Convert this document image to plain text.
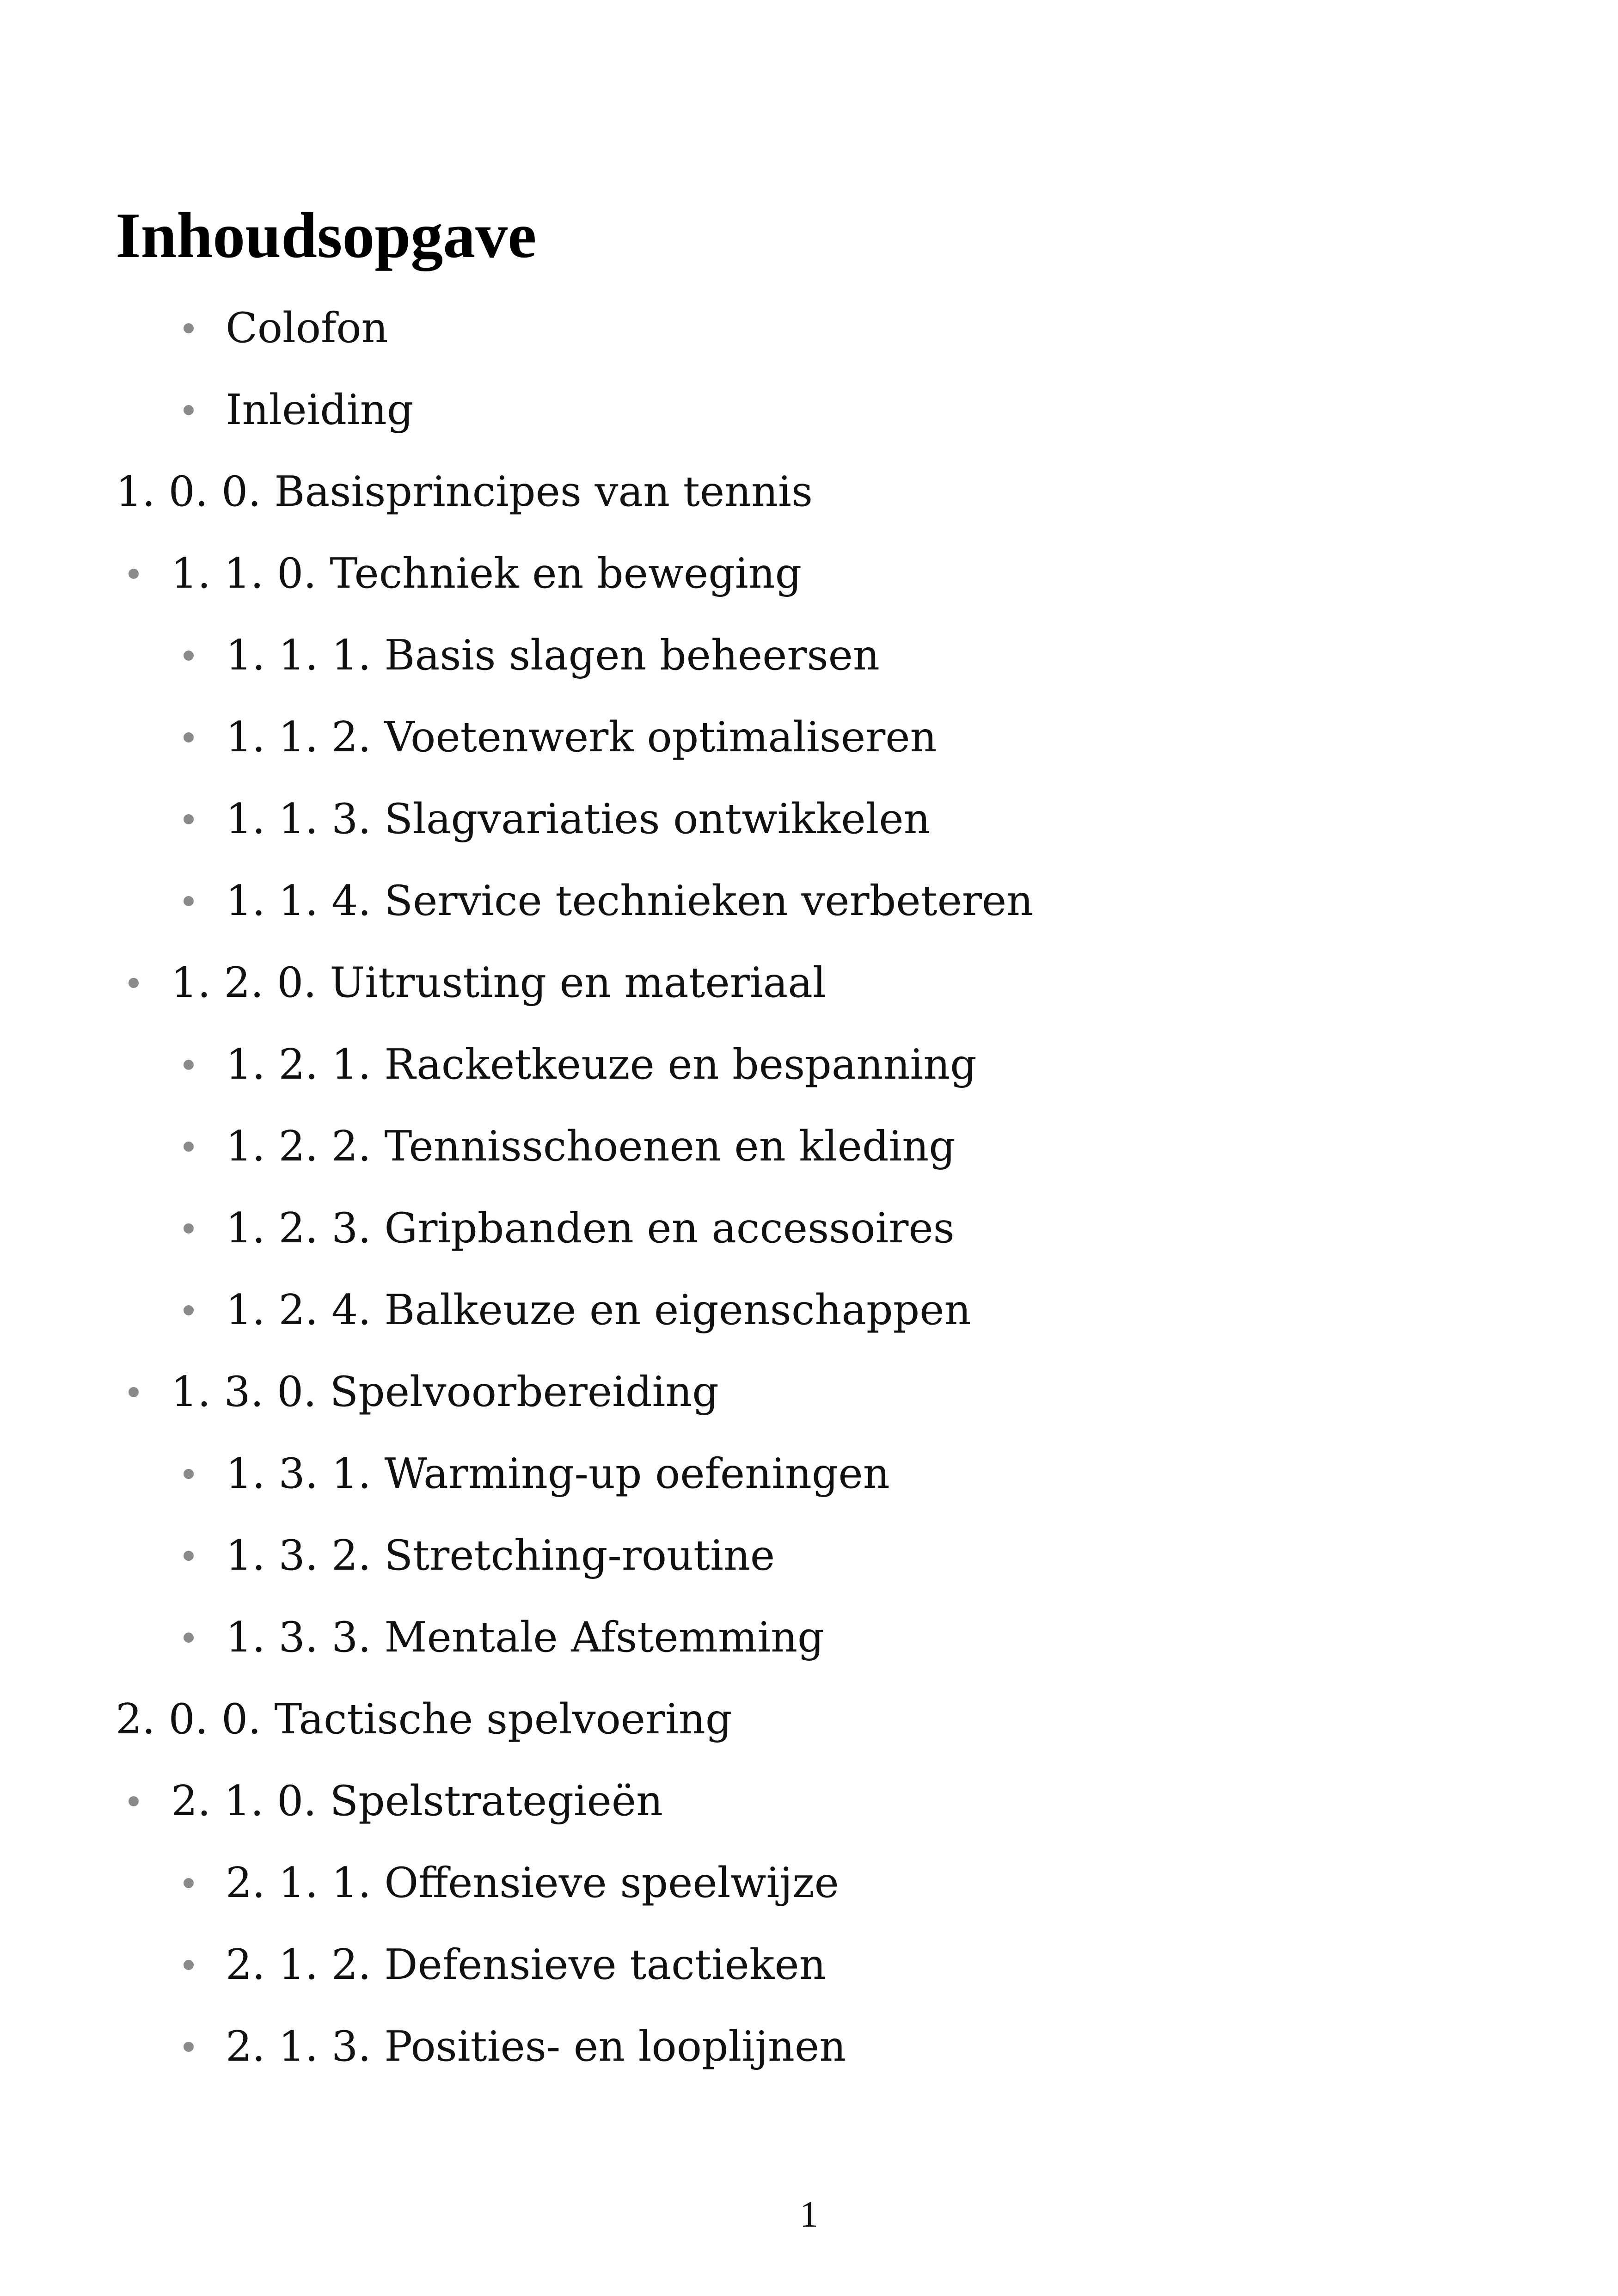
Inhoudsopgave
Colofon
Inleiding
1. 0. 0. Basisprincipes van tennis
1. 1. 0. Techniek en beweging
1. 1. 1. Basis slagen beheersen
1. 1. 2. Voetenwerk optimaliseren
1. 1. 3. Slagvariaties ontwikkelen
1. 1. 4. Service technieken verbeteren
1. 2. 0. Uitrusting en materiaal
1. 2. 1. Racketkeuze en bespanning
1. 2. 2. Tennisschoenen en kleding
1. 2. 3. Gripbanden en accessoires
1. 2. 4. Balkeuze en eigenschappen
1. 3. 0. Spelvoorbereiding
1. 3. 1. Warming-up oefeningen
1. 3. 2. Stretching-routine
1. 3. 3. Mentale Afstemming
2. 0. 0. Tactische spelvoering
2. 1. 0. Spelstrategieën
2. 1. 1. Offensieve speelwijze
2. 1. 2. Defensieve tactieken
2. 1. 3. Posities- en looplijnen
1
